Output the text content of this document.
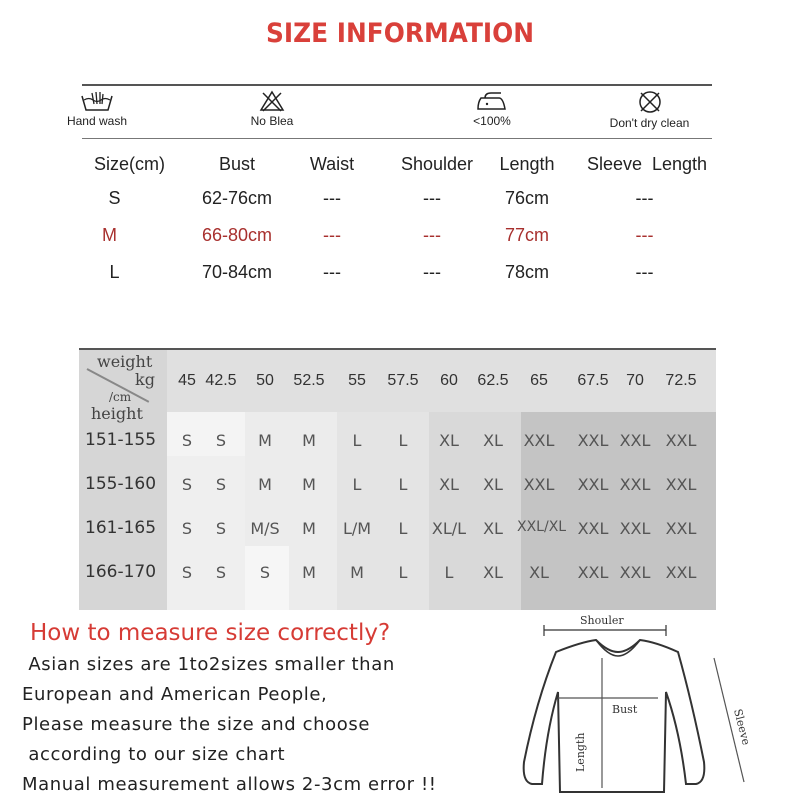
SIZE INFORMATION
Hand wash	No Blea	<100%	Don't dry clean
Size(cm)	Bust	Waist	Shoulder	Length	Sleeve  Length
S	62-76cm	---	---	76cm	---
M	66-80cm	---	---	77cm	---
L	70-84cm	---	---	78cm	---
weight
kg
/cm
height
45 42.5	50	52.5	55	57.5	60	62.5	65	67.5	70	72.5
151-155	S	S	M	M	L	L	XL	XL	XXL	XXL XXL XXL
155-160	S	S	M	M	L	L	XL	XL	XXL	XXL XXL XXL
161-165	S	S	M/S	M	L/M	L	XL/L	XL	XXL/XL XXL XXL XXL
166-170	S	S	S	M	M	L	L	XL	XL	XXL XXL XXL
How to measure size correctly?
Asian sizes are 1to2sizes smaller than
European and American People,
Please measure the size and choose
according to our size chart
Manual measurement allows 2-3cm error !!
Shouler
Bust
Length
Sleeve
